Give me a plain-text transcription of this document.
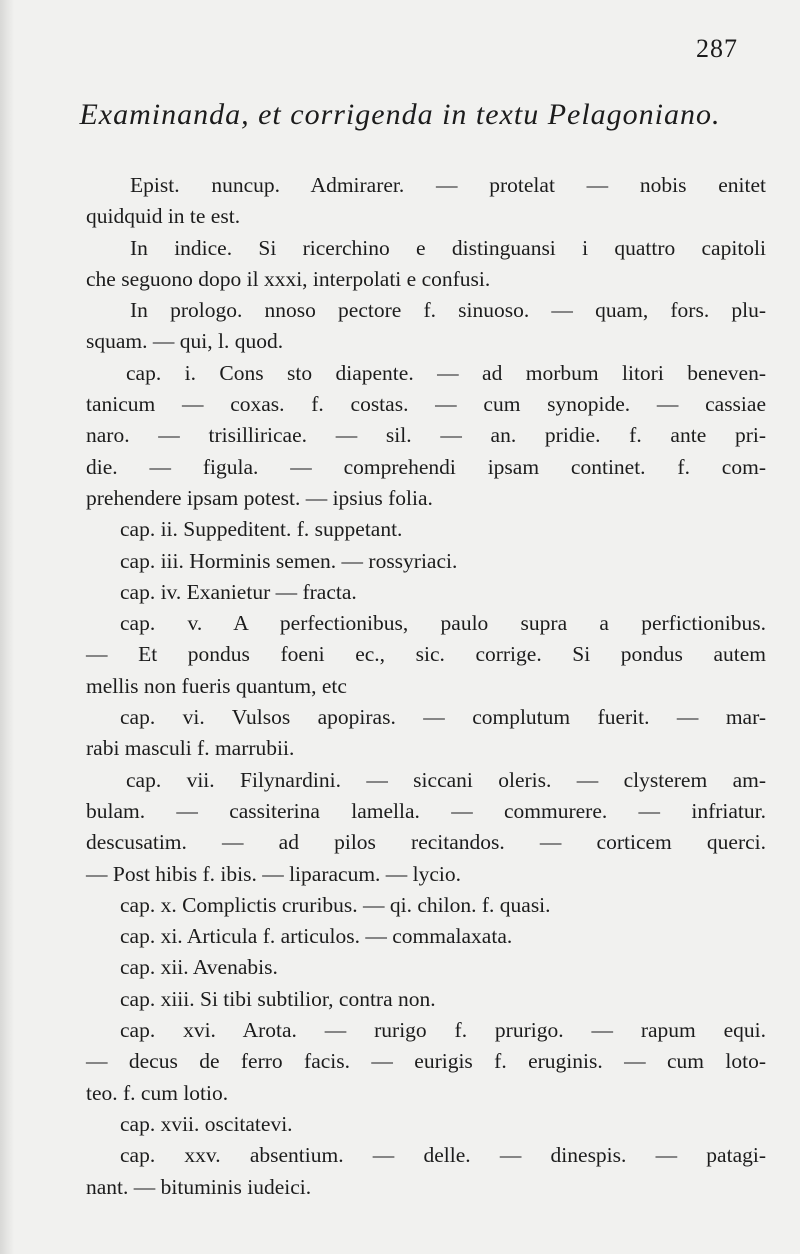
287
Examinanda, et corrigenda in textu Pelagoniano.
Epist. nuncup. Admirarer. — protelat — nobis enitet
quidquid in te est.
In indice. Si ricerchino e distinguansi i quattro capitoli
che seguono dopo il xxxi, interpolati e confusi.
In prologo. nnoso pectore f. sinuoso. — quam, fors. plu-
squam. — qui, l. quod.
cap. i. Cons sto diapente. — ad morbum litori beneven-
tanicum — coxas. f. costas. — cum synopide. — cassiae
naro. — trisilliricae. — sil. — an. pridie. f. ante pri-
die. — figula. — comprehendi ipsam continet. f. com-
prehendere ipsam potest. — ipsius folia.
cap. ii. Suppeditent. f. suppetant.
cap. iii. Horminis semen. — rossyriaci.
cap. iv. Exanietur — fracta.
cap. v. A perfectionibus, paulo supra a perfictionibus.
— Et pondus foeni ec., sic. corrige. Si pondus autem
mellis non fueris quantum, etc
cap. vi. Vulsos apopiras. — complutum fuerit. — mar-
rabi masculi f. marrubii.
cap. vii. Filynardini. — siccani oleris. — clysterem am-
bulam. — cassiterina lamella. — commurere. — infriatur.
descusatim. — ad pilos recitandos. — corticem querci.
— Post hibis f. ibis. — liparacum. — lycio.
cap. x. Complictis cruribus. — qi. chilon. f. quasi.
cap. xi. Articula f. articulos. — commalaxata.
cap. xii. Avenabis.
cap. xiii. Si tibi subtilior, contra non.
cap. xvi. Arota. — rurigo f. prurigo. — rapum equi.
— decus de ferro facis. — eurigis f. eruginis. — cum loto-
teo. f. cum lotio.
cap. xvii. oscitatevi.
cap. xxv. absentium. — delle. — dinespis. — patagi-
nant. — bituminis iudeici.
